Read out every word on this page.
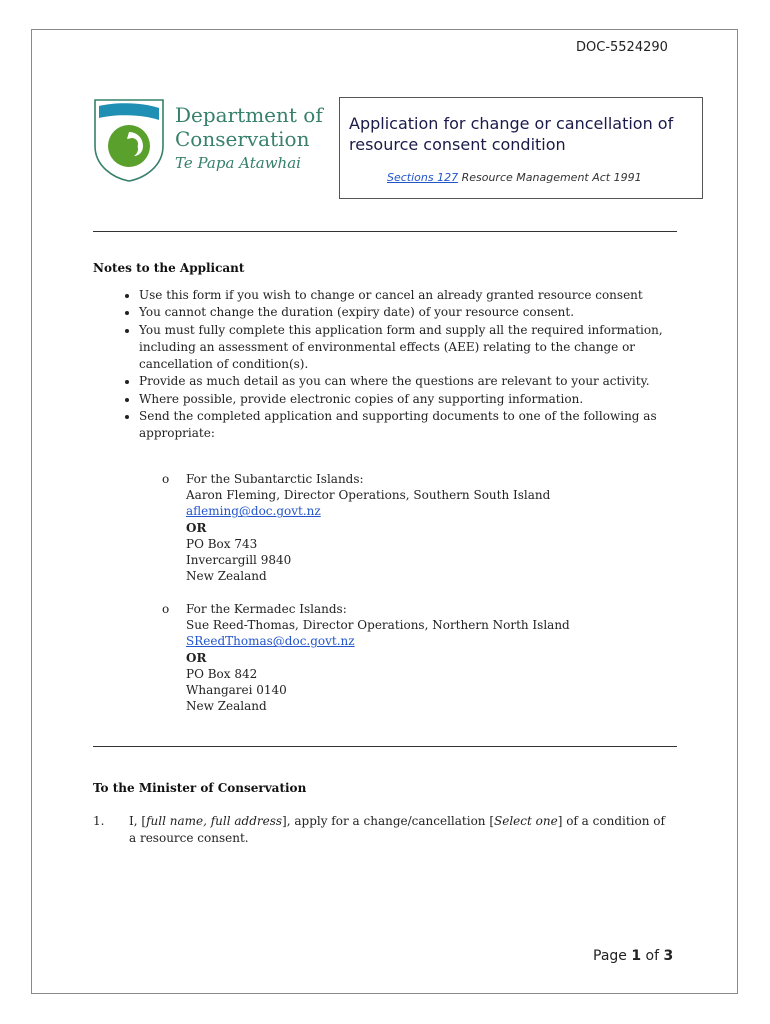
DOC-5524290
Department of
Conservation
Te Papa Atawhai
Application for change or cancellation of resource consent condition
Sections 127 Resource Management Act 1991
Notes to the Applicant
• Use this form if you wish to change or cancel an already granted resource consent
• You cannot change the duration (expiry date) of your resource consent.
• You must fully complete this application form and supply all the required information, including an assessment of environmental effects (AEE) relating to the change or cancellation of condition(s).
• Provide as much detail as you can where the questions are relevant to your activity.
• Where possible, provide electronic copies of any supporting information.
• Send the completed application and supporting documents to one of the following as appropriate:
o For the Subantarctic Islands:
Aaron Fleming, Director Operations, Southern South Island
afleming@doc.govt.nz
OR
PO Box 743
Invercargill 9840
New Zealand
o For the Kermadec Islands:
Sue Reed-Thomas, Director Operations, Northern North Island
SReedThomas@doc.govt.nz
OR
PO Box 842
Whangarei 0140
New Zealand
To the Minister of Conservation
1. I, [full name, full address], apply for a change/cancellation [Select one] of a condition of a resource consent.
Page 1 of 3
